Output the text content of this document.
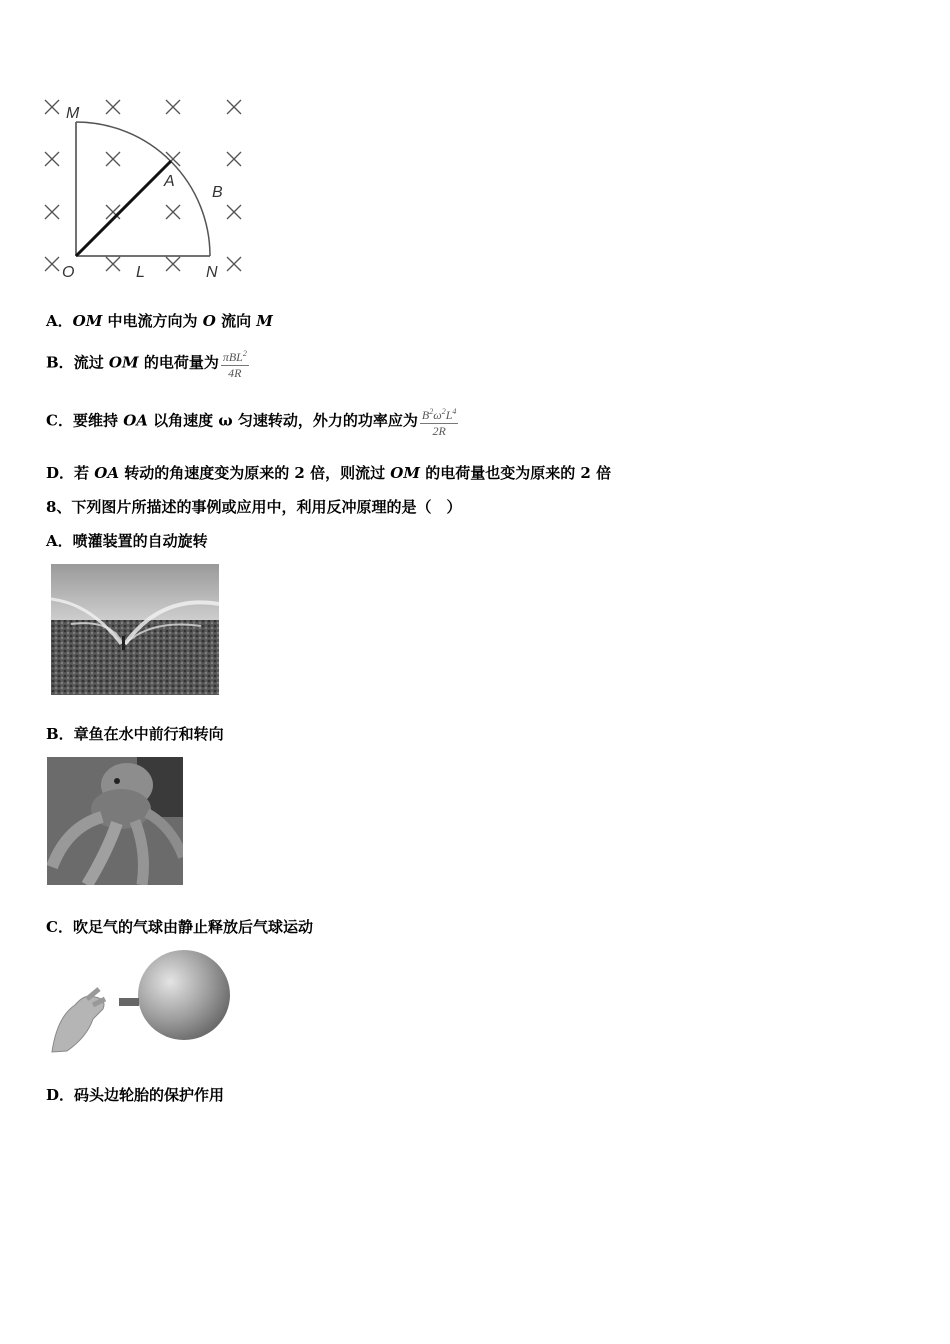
M
A
B
O	L	N
A．OM 中电流方向为 O 流向 M
B．流过 OM 的电荷量为 $\frac{\pi BL^2}{4R}$
C．要维持 OA 以角速度 ω 匀速转动，外力的功率应为 $\frac{B^2\omega^2L^4}{2R}$
D．若 OA 转动的角速度变为原来的 2 倍，则流过 OM 的电荷量也变为原来的 2 倍
8、下列图片所描述的事例或应用中，利用反冲原理的是（　）
A．喷灌装置的自动旋转
B．章鱼在水中前行和转向
C．吹足气的气球由静止释放后气球运动
D．码头边轮胎的保护作用
